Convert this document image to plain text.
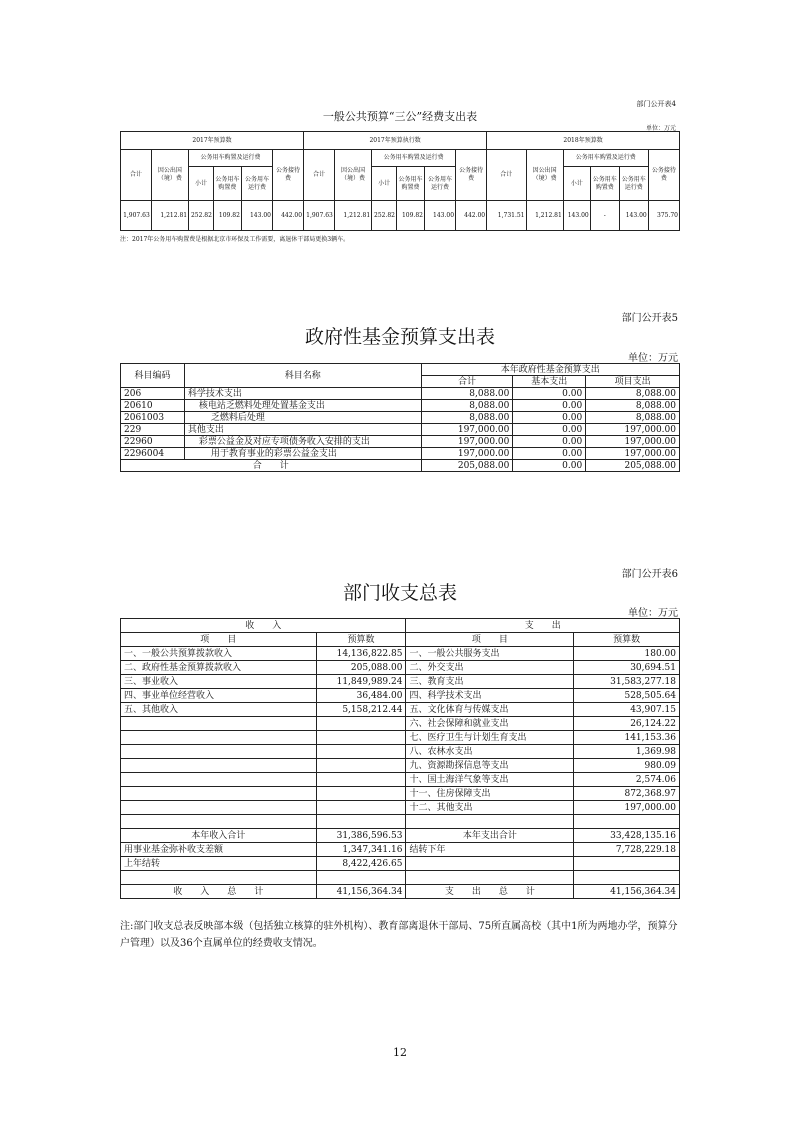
部门公开表4
一般公共预算“三公”经费支出表
单位：万元
2017年预算数						2017年预算执行数						2018年预算数					
合计	因公出国（境）费	公务用车购置及运行费			公务接待费	合计	因公出国（境）费	公务用车购置及运行费			公务接待费	合计	因公出国（境）费	公务用车购置及运行费			公务接待费
		小计	公务用车购置费	公务用车运行费				小计	公务用车购置费	公务用车运行费				小计	公务用车购置费	公务用车运行费	
1,907.63	1,212.81	252.82	109.82	143.00	442.00	1,907.63	1,212.81	252.82	109.82	143.00	442.00	1,731.51	1,212.81	143.00	-	143.00	375.70
注：2017年公务用车购置费是根据北京市环保及工作需要，离退休干部局更换3辆车。
部门公开表5
政府性基金预算支出表
单位：万元
科目编码	科目名称	本年政府性基金预算支出		
		合计	基本支出	项目支出
206	科学技术支出	8,088.00	0.00	8,088.00
20610	核电站乏燃料处理处置基金支出	8,088.00	0.00	8,088.00
2061003	乏燃料后处理	8,088.00	0.00	8,088.00
229	其他支出	197,000.00	0.00	197,000.00
22960	彩票公益金及对应专项债务收入安排的支出	197,000.00	0.00	197,000.00
2296004	用于教育事业的彩票公益金支出	197,000.00	0.00	197,000.00
合　　计		205,088.00	0.00	205,088.00
部门公开表6
部门收支总表
单位：万元
收　　入		支　　出	
项　　目	预算数	项　　目	预算数
一、一般公共预算拨款收入	14,136,822.85	一、一般公共服务支出	180.00
二、政府性基金预算拨款收入	205,088.00	二、外交支出	30,694.51
三、事业收入	11,849,989.24	三、教育支出	31,583,277.18
四、事业单位经营收入	36,484.00	四、科学技术支出	528,505.64
五、其他收入	5,158,212.44	五、文化体育与传媒支出	43,907.15
		六、社会保障和就业支出	26,124.22
		七、医疗卫生与计划生育支出	141,153.36
		八、农林水支出	1,369.98
		九、资源勘探信息等支出	980.09
		十、国土海洋气象等支出	2,574.06
		十一、住房保障支出	872,368.97
		十二、其他支出	197,000.00

本年收入合计	31,386,596.53	本年支出合计	33,428,135.16
用事业基金弥补收支差额	1,347,341.16	结转下年	7,728,229.18
上年结转	8,422,426.65		

收　　入　　总　　计	41,156,364.34	支　　出　　总　　计	41,156,364.34
注:部门收支总表反映部本级（包括独立核算的驻外机构）、教育部离退休干部局、75所直属高校（其中1所为两地办学，预算分户管理）以及36个直属单位的经费收支情况。
12
